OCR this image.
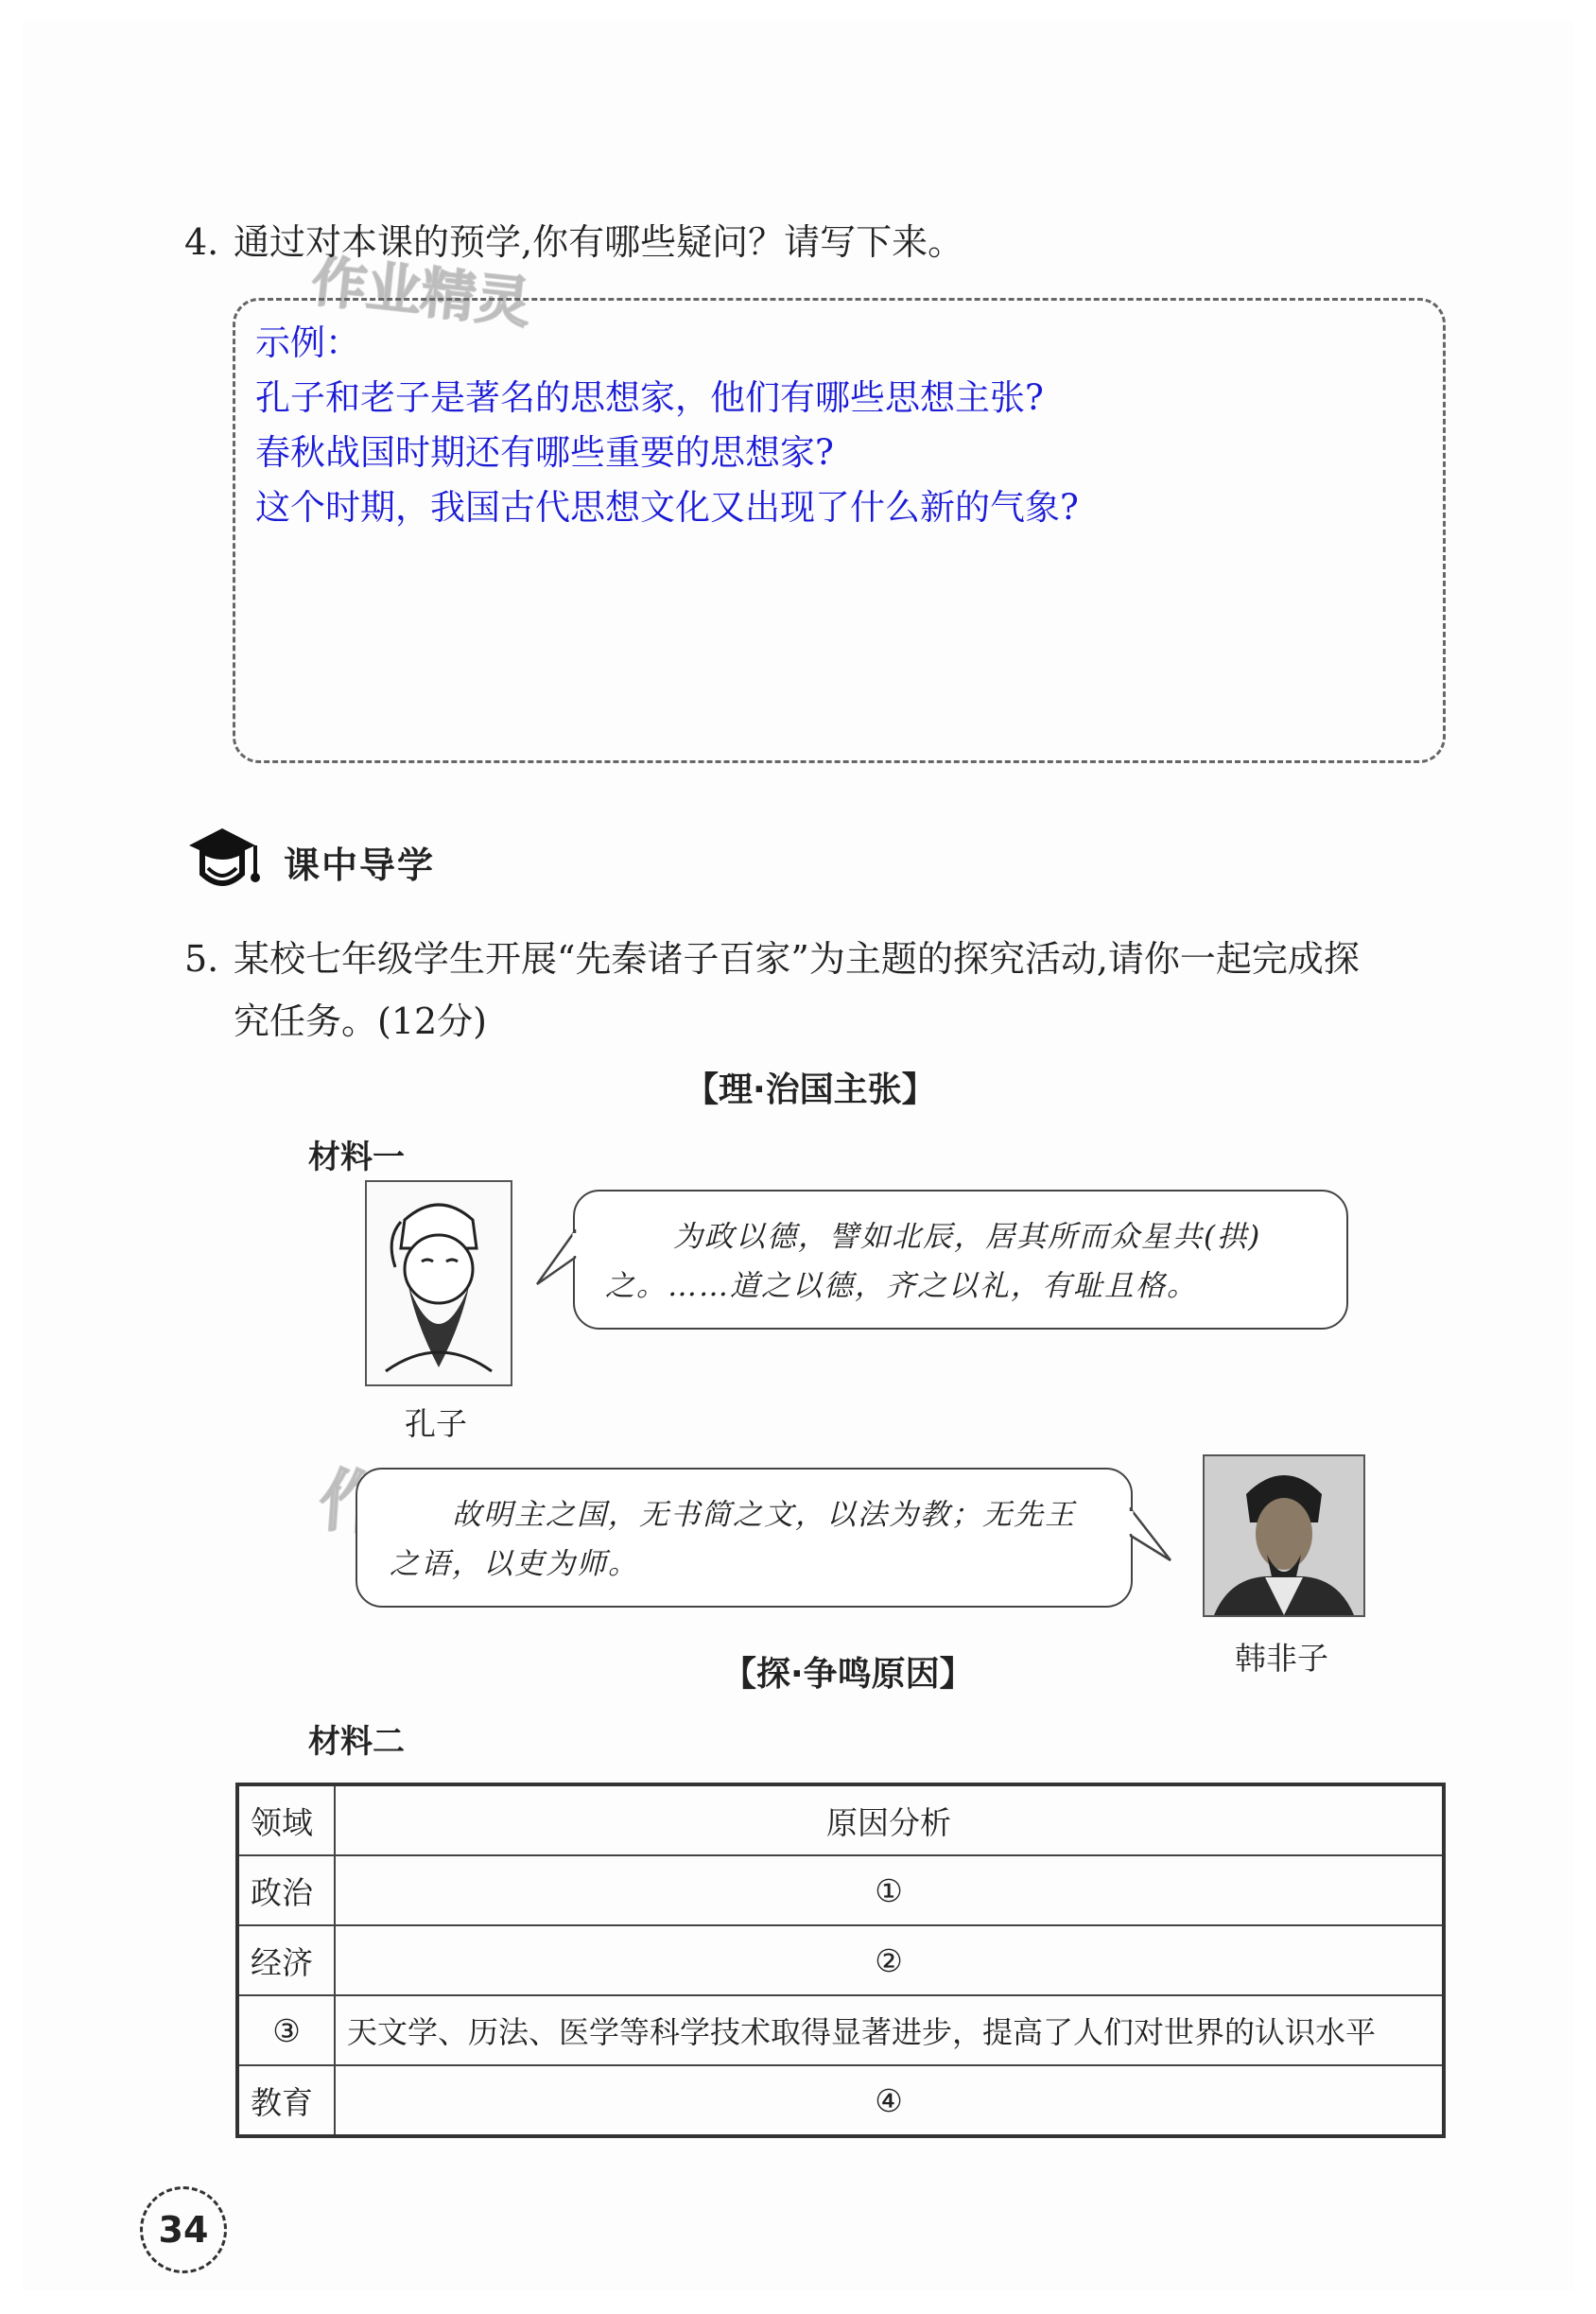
作业精灵
4. 通过对本课的预学,你有哪些疑问？请写下来。
示例：
孔子和老子是著名的思想家，他们有哪些思想主张?
春秋战国时期还有哪些重要的思想家?
这个时期，我国古代思想文化又出现了什么新的气象?
课中导学
5. 某校七年级学生开展“先秦诸子百家”为主题的探究活动,请你一起完成探
究任务。(12分)
【理·治国主张】
材料一
孔子
为政以德，譬如北辰，居其所而众星共(拱)
之。……道之以德，齐之以礼，有耻且格。
故明主之国，无书简之文，以法为教；无先王
之语，以吏为师。
韩非子
【探·争鸣原因】
材料二
领域	原因分析
政治	①
经济	②
③	天文学、历法、医学等科学技术取得显著进步，提高了人们对世界的认识水平
教育	④
34
